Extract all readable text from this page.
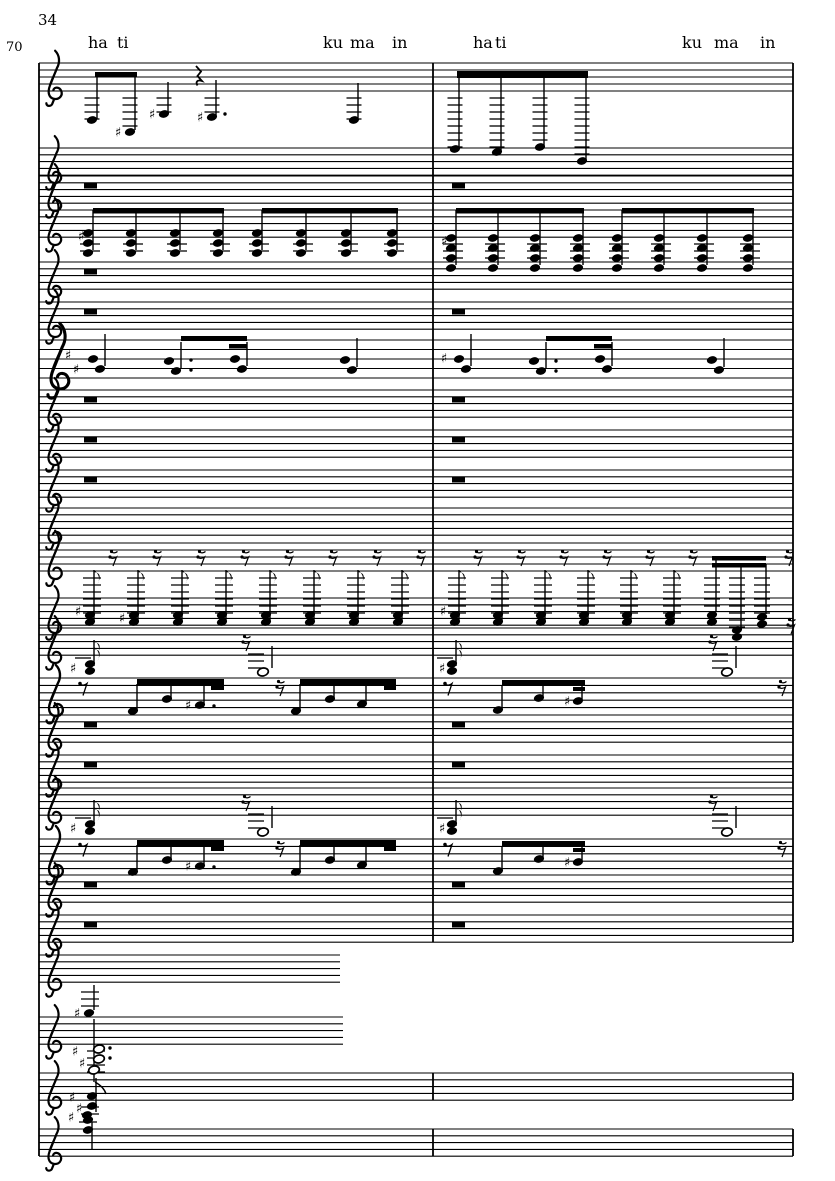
34
70	ha ti	ku ma in	ha ti	ku ma in
♯
♯	♯
♯	♯
♯
♯
♯
♯	♯	♯
♯	♯
♯	♯
♯	♯
♯	♯
♯
♯
♯
♯
♯
♯
